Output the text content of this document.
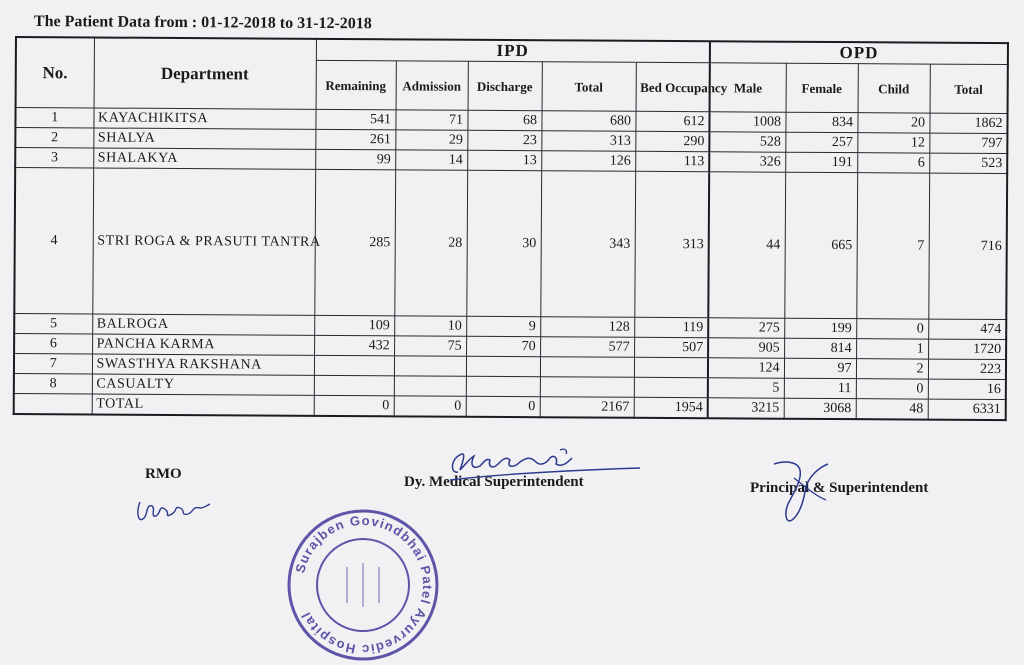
The Patient Data from : 01-12-2018 to 31-12-2018
No.	Department	IPD					OPD			
		Remaining	Admission	Discharge	Total	Bed Occupancy	Male	Female	Child	Total
1	KAYACHIKITSA	541	71	68	680	612	1008	834	20	1862
2	SHALYA	261	29	23	313	290	528	257	12	797
3	SHALAKYA	99	14	13	126	113	326	191	6	523
4	STRI ROGA & PRASUTI TANTRA	285	28	30	343	313	44	665	7	716
5	BALROGA	109	10	9	128	119	275	199	0	474
6	PANCHA KARMA	432	75	70	577	507	905	814	1	1720
7	SWASTHYA RAKSHANA						124	97	2	223
8	CASUALTY						5	11	0	16
	TOTAL	0	0	0	2167	1954	3215	3068	48	6331
RMO	Dy. Medical Superintendent	Principal & Superintendent
Surajben Govindbhai Patel Ayurvedic Hospital
